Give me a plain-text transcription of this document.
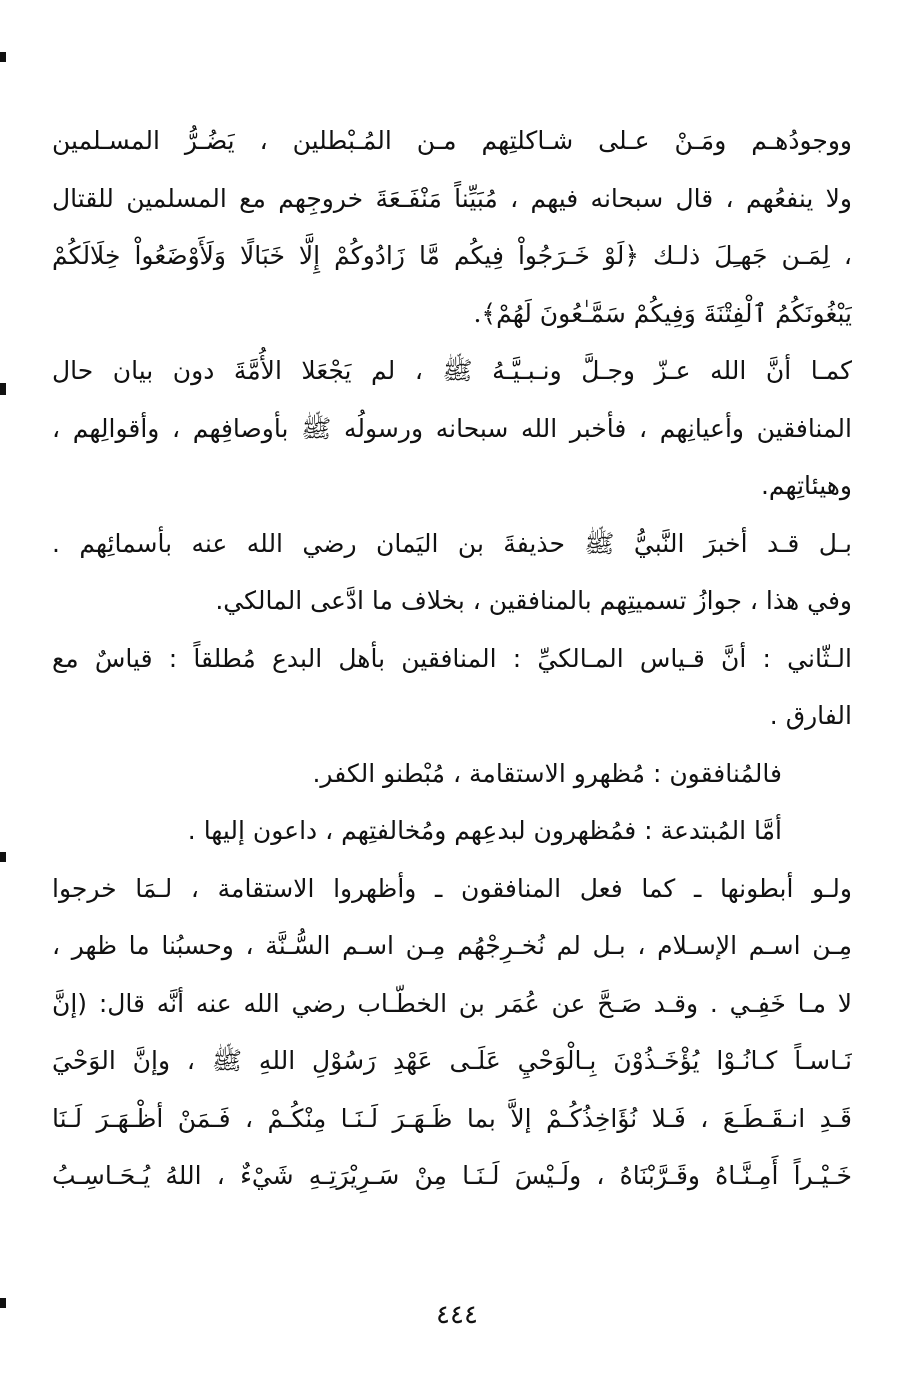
ووجودُهـم ومَـنْ عـلى شـاكلتِهم مـن المُـبْطلين ، يَضُـرُّ المسـلمين
ولا ينفعُهم ، قال سبحانه فيهم ، مُبَيِّناً مَنْفَـعَةَ خروجِهم مع المسلمين للقتال
، لِمَـن جَهـِلَ ذلـك ﴿لَوْ خَـرَجُواْ فِيكُم مَّا زَادُوكُمْ إِلَّا خَبَالًا وَلَأَوْضَعُواْ خِلَالَكُمْ
يَبْغُونَكُمُ ٱلْفِتْنَةَ وَفِيكُمْ سَمَّـٰعُونَ لَهُمْ﴾.
كمـا أنَّ الله عـزّ وجـلَّ ونـبـيَّـهُ ﷺ ، لم يَجْعَلا الأُمَّةَ دون بيان حال
المنافقين وأعيانِهم ، فأخبر الله سبحانه ورسولُه ﷺ بأوصافِهم ، وأقوالِهم ،
وهيئاتِهم.
بـل قـد أخبرَ النَّبيُّ ﷺ حذيفةَ بن اليَمان رضي الله عنه بأسمائِهم .
وفي هذا ، جوازُ تسميتِهم بالمنافقين ، بخلاف ما ادَّعى المالكي.
الـثّاني : أنَّ قـياس المـالكيِّ : المنافقين بأهل البدع مُطلقاً : قياسٌ مع
الفارق .
فالمُنافقون : مُظهرو الاستقامة ، مُبْطنو الكفر.
أمَّا المُبتدعة : فمُظهرون لبدعِهم ومُخالفتِهم ، داعون إليها .
ولـو أبطونها ـ كما فعل المنافقون ـ وأظهروا الاستقامة ، لـمَا خرجوا
مِـن اسـم الإسـلام ، بـل لم نُخـرِجْهُم مِـن اسـم السُّـنَّة ، وحسبُنا ما ظهر ،
لا مـا خَفِـي . وقـد صَـحَّ عن عُمَر بن الخطّـاب رضي الله عنه أنَّه قال: (إنَّ
نَـاسـاً كـانُـوْا يُؤْخَـذُوْنَ بِـالْوَحْيِ عَلَـى عَهْدِ رَسُوْلِ اللهِ ﷺ ، وإنَّ الوَحْيَ
قَـدِ انـقَـطَـعَ ، فَـلا نُؤَاخِذُكُـمْ إلاَّ بما ظَـهَـرَ لَـنَـا مِنْكُـمْ ، فَـمَنْ أظْـهَـرَ لَـنَا
خَـيْـراً أَمِـنَّـاهُ وقَـرَّبْنَاهُ ، ولَـيْسَ لَـنَـا مِنْ سَـرِيْرَتِـهِ شَيْءٌ ، اللهُ يُـحَـاسِـبُ
٤٤٤
